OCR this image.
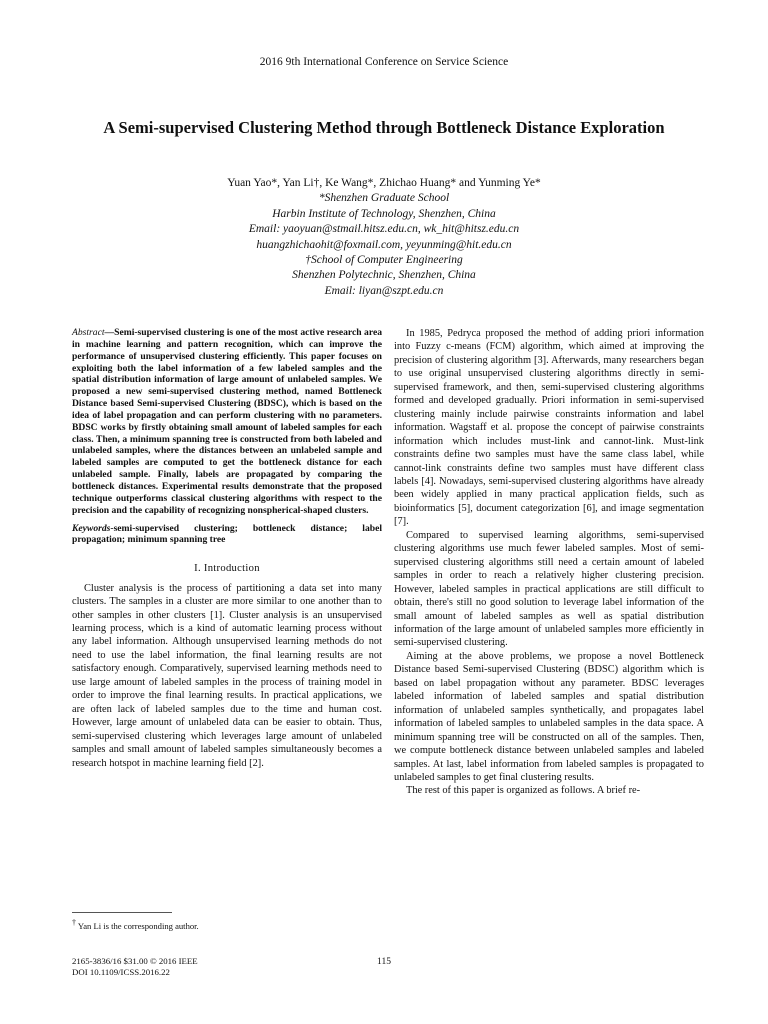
2016 9th International Conference on Service Science
A Semi-supervised Clustering Method through Bottleneck Distance Exploration
Yuan Yao*, Yan Li†, Ke Wang*, Zhichao Huang* and Yunming Ye*
*Shenzhen Graduate School
Harbin Institute of Technology, Shenzhen, China
Email: yaoyuan@stmail.hitsz.edu.cn, wk_hit@hitsz.edu.cn
huangzhichaohit@foxmail.com, yeyunming@hit.edu.cn
†School of Computer Engineering
Shenzhen Polytechnic, Shenzhen, China
Email: liyan@szpt.edu.cn

Abstract—Semi-supervised clustering is one of the most active research area in machine learning and pattern recognition, which can improve the performance of unsupervised clustering efficiently. This paper focuses on exploiting both the label information of a few labeled samples and the spatial distribution information of large amount of unlabeled samples. We proposed a new semi-supervised clustering method, named Bottleneck Distance based Semi-supervised Clustering (BDSC), which is based on the idea of label propagation and can perform clustering with no parameters. BDSC works by firstly obtaining small amount of labeled samples for each class. Then, a minimum spanning tree is constructed from both labeled and unlabeled samples, where the distances between an unlabeled sample and labeled samples are computed to get the bottleneck distance for each unlabeled sample. Finally, labels are propagated by comparing the bottleneck distances. Experimental results demonstrate that the proposed technique outperforms classical clustering algorithms with respect to the precision and the capability of recognizing nonspherical-shaped clusters.

Keywords-semi-supervised clustering; bottleneck distance; label propagation; minimum spanning tree

I. Introduction

Cluster analysis is the process of partitioning a data set into many clusters. The samples in a cluster are more similar to one another than to other samples in other clusters [1]. Cluster analysis is an unsupervised learning process, which is a kind of automatic learning process without any label information. Although unsupervised learning methods do not need to use the label information, the final learning results are not satisfactory enough. Comparatively, supervised learning methods need to use large amount of labeled samples in the process of training model in order to improve the final learning results. In practical applications, we are often lack of labeled samples due to the time and human cost. However, large amount of unlabeled data can be easier to obtain. Thus, semi-supervised clustering which leverages large amount of unlabeled samples and small amount of labeled samples simultaneously becomes a research hotspot in machine learning field [2].

In 1985, Pedryca proposed the method of adding priori information into Fuzzy c-means (FCM) algorithm, which aimed at improving the precision of clustering algorithm [3]. Afterwards, many researchers began to use original unsupervised clustering algorithms directly in semi-supervised framework, and then, semi-supervised clustering algorithms formed and developed gradually. Priori information in semi-supervised clustering mainly include pairwise constraints information and label information. Wagstaff et al. propose the concept of pairwise constraints information which includes must-link and cannot-link. Must-link constraints define two samples must have the same class label, while cannot-link constraints define two samples must have different class labels [4]. Nowadays, semi-supervised clustering algorithms have already been widely applied in many practical application fields, such as bioinformatics [5], document categorization [6], and image segmentation [7].

Compared to supervised learning algorithms, semi-supervised clustering algorithms use much fewer labeled samples. Most of semi-supervised clustering algorithms still need a certain amount of labeled samples in order to reach a relatively higher clustering precision. However, labeled samples in practical applications are still difficult to obtain, there's still no good solution to leverage label information of the small amount of labeled samples as well as spatial distribution information of the large amount of unlabeled samples more efficiently in semi-supervised clustering.

Aiming at the above problems, we propose a novel Bottleneck Distance based Semi-supervised Clustering (BDSC) algorithm which is based on label propagation without any parameter. BDSC leverages labeled information of labeled samples and spatial distribution information of unlabeled samples synthetically, and propagates label information of labeled samples to unlabeled samples in the data space. A minimum spanning tree will be constructed on all of the samples. Then, we compute bottleneck distance between unlabeled samples and labeled samples. At last, label information from labeled samples is propagated to unlabeled samples to get final clustering results.

The rest of this paper is organized as follows. A brief re-

† Yan Li is the corresponding author.
2165-3836/16 $31.00 © 2016 IEEE
DOI 10.1109/ICSS.2016.22
115
